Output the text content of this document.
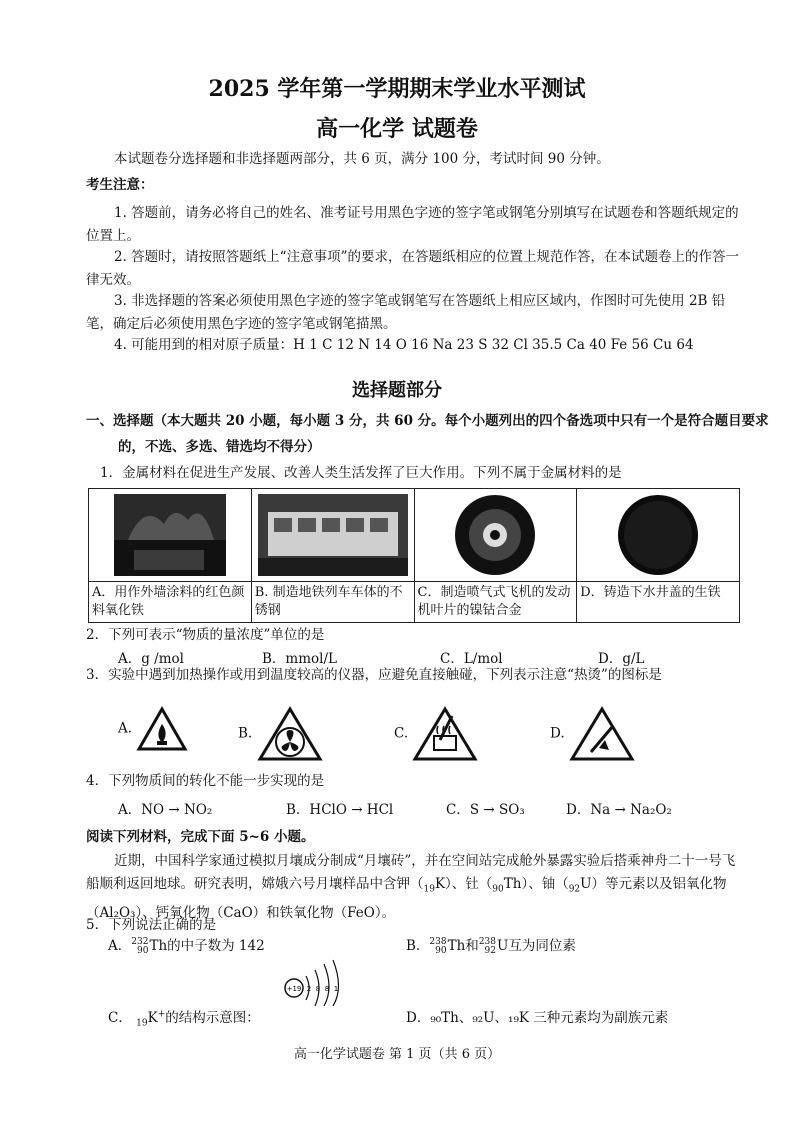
2025 学年第一学期期末学业水平测试
高一化学 试题卷
本试题卷分选择题和非选择题两部分，共 6 页，满分 100 分，考试时间 90 分钟。
考生注意：
1. 答题前，请务必将自己的姓名、准考证号用黑色字迹的签字笔或钢笔分别填写在试题卷和答题纸规定的位置上。
2. 答题时，请按照答题纸上“注意事项”的要求，在答题纸相应的位置上规范作答，在本试题卷上的作答一律无效。
3. 非选择题的答案必须使用黑色字迹的签字笔或钢笔写在答题纸上相应区域内，作图时可先使用 2B 铅笔，确定后必须使用黑色字迹的签字笔或钢笔描黑。
4. 可能用到的相对原子质量：H 1 C 12 N 14 O 16 Na 23 S 32 Cl 35.5 Ca 40 Fe 56 Cu 64
选择题部分
一、选择题（本大题共 20 小题，每小题 3 分，共 60 分。每个小题列出的四个备选项中只有一个是符合题目要求的，不选、多选、错选均不得分）
1．金属材料在促进生产发展、改善人类生活发挥了巨大作用。下列不属于金属材料的是
A．用作外墙涂料的红色颜料氧化铁

B. 制造地铁列车车体的不锈钢

C．制造喷气式飞机的发动机叶片的镍钴合金

D．铸造下水井盖的生铁
2．下列可表示“物质的量浓度”单位的是
A．g /mol	B．mmol/L	C．L/mol	D．g/L
3．实验中遇到加热操作或用到温度较高的仪器，应避免直接触碰，下列表示注意“热烫”的图标是
A.	B.	C.	D.
4．下列物质间的转化不能一步实现的是
A．NO → NO₂	B．HClO → HCl	C．S → SO₃	D．Na → Na₂O₂
阅读下列材料，完成下面 5~6 小题。
近期，中国科学家通过模拟月壤成分制成“月壤砖”，并在空间站完成舱外暴露实验后搭乘神舟二十一号飞船顺利返回地球。研究表明，嫦娥六号月壤样品中含钾$(_{19}K)$、钍$(_{90}Th)$、铀$(_{92}U)$等元素以及铝氧化物（Al₂O₃）、钙氧化物（CaO）和铁氧化物（FeO）。
5．下列说法正确的是
A． 232
90 Th的中子数为 142	B． 238
90 Th和 238
92 U互为同位素
C． $_{19}$K+的结构示意图：
+19 2 8 8 1
D．₉₀Th、₉₂U、₁₉K 三种元素均为副族元素
高一化学试题卷 第 1 页（共 6 页）
